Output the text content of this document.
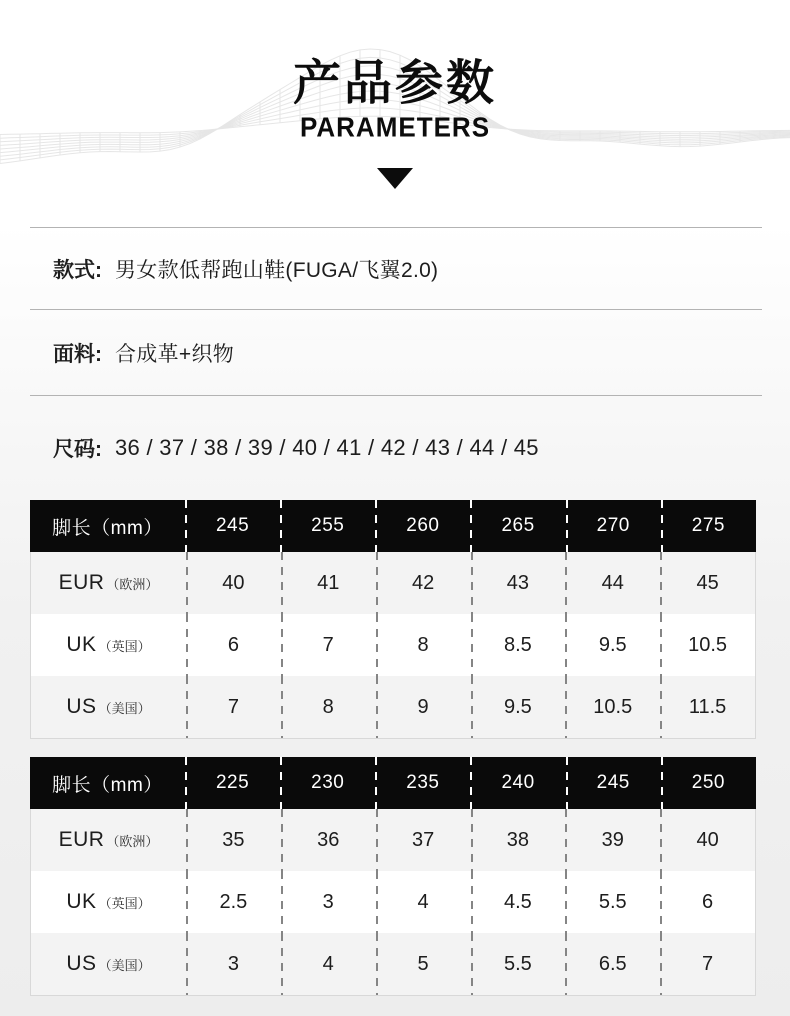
产品参数
PARAMETERS
款式: 男女款低帮跑山鞋(FUGA/飞翼2.0)
面料: 合成革+织物
尺码: 36 / 37 / 38 / 39 / 40 / 41 / 42 / 43 / 44 / 45
脚长（mm）	245	255	260	265	270	275
EUR （欧洲）	40	41	42	43	44	45
UK （英国）	6	7	8	8.5	9.5	10.5
US （美国）	7	8	9	9.5	10.5	11.5
脚长（mm）	225	230	235	240	245	250
EUR （欧洲）	35	36	37	38	39	40
UK （英国）	2.5	3	4	4.5	5.5	6
US （美国）	3	4	5	5.5	6.5	7
